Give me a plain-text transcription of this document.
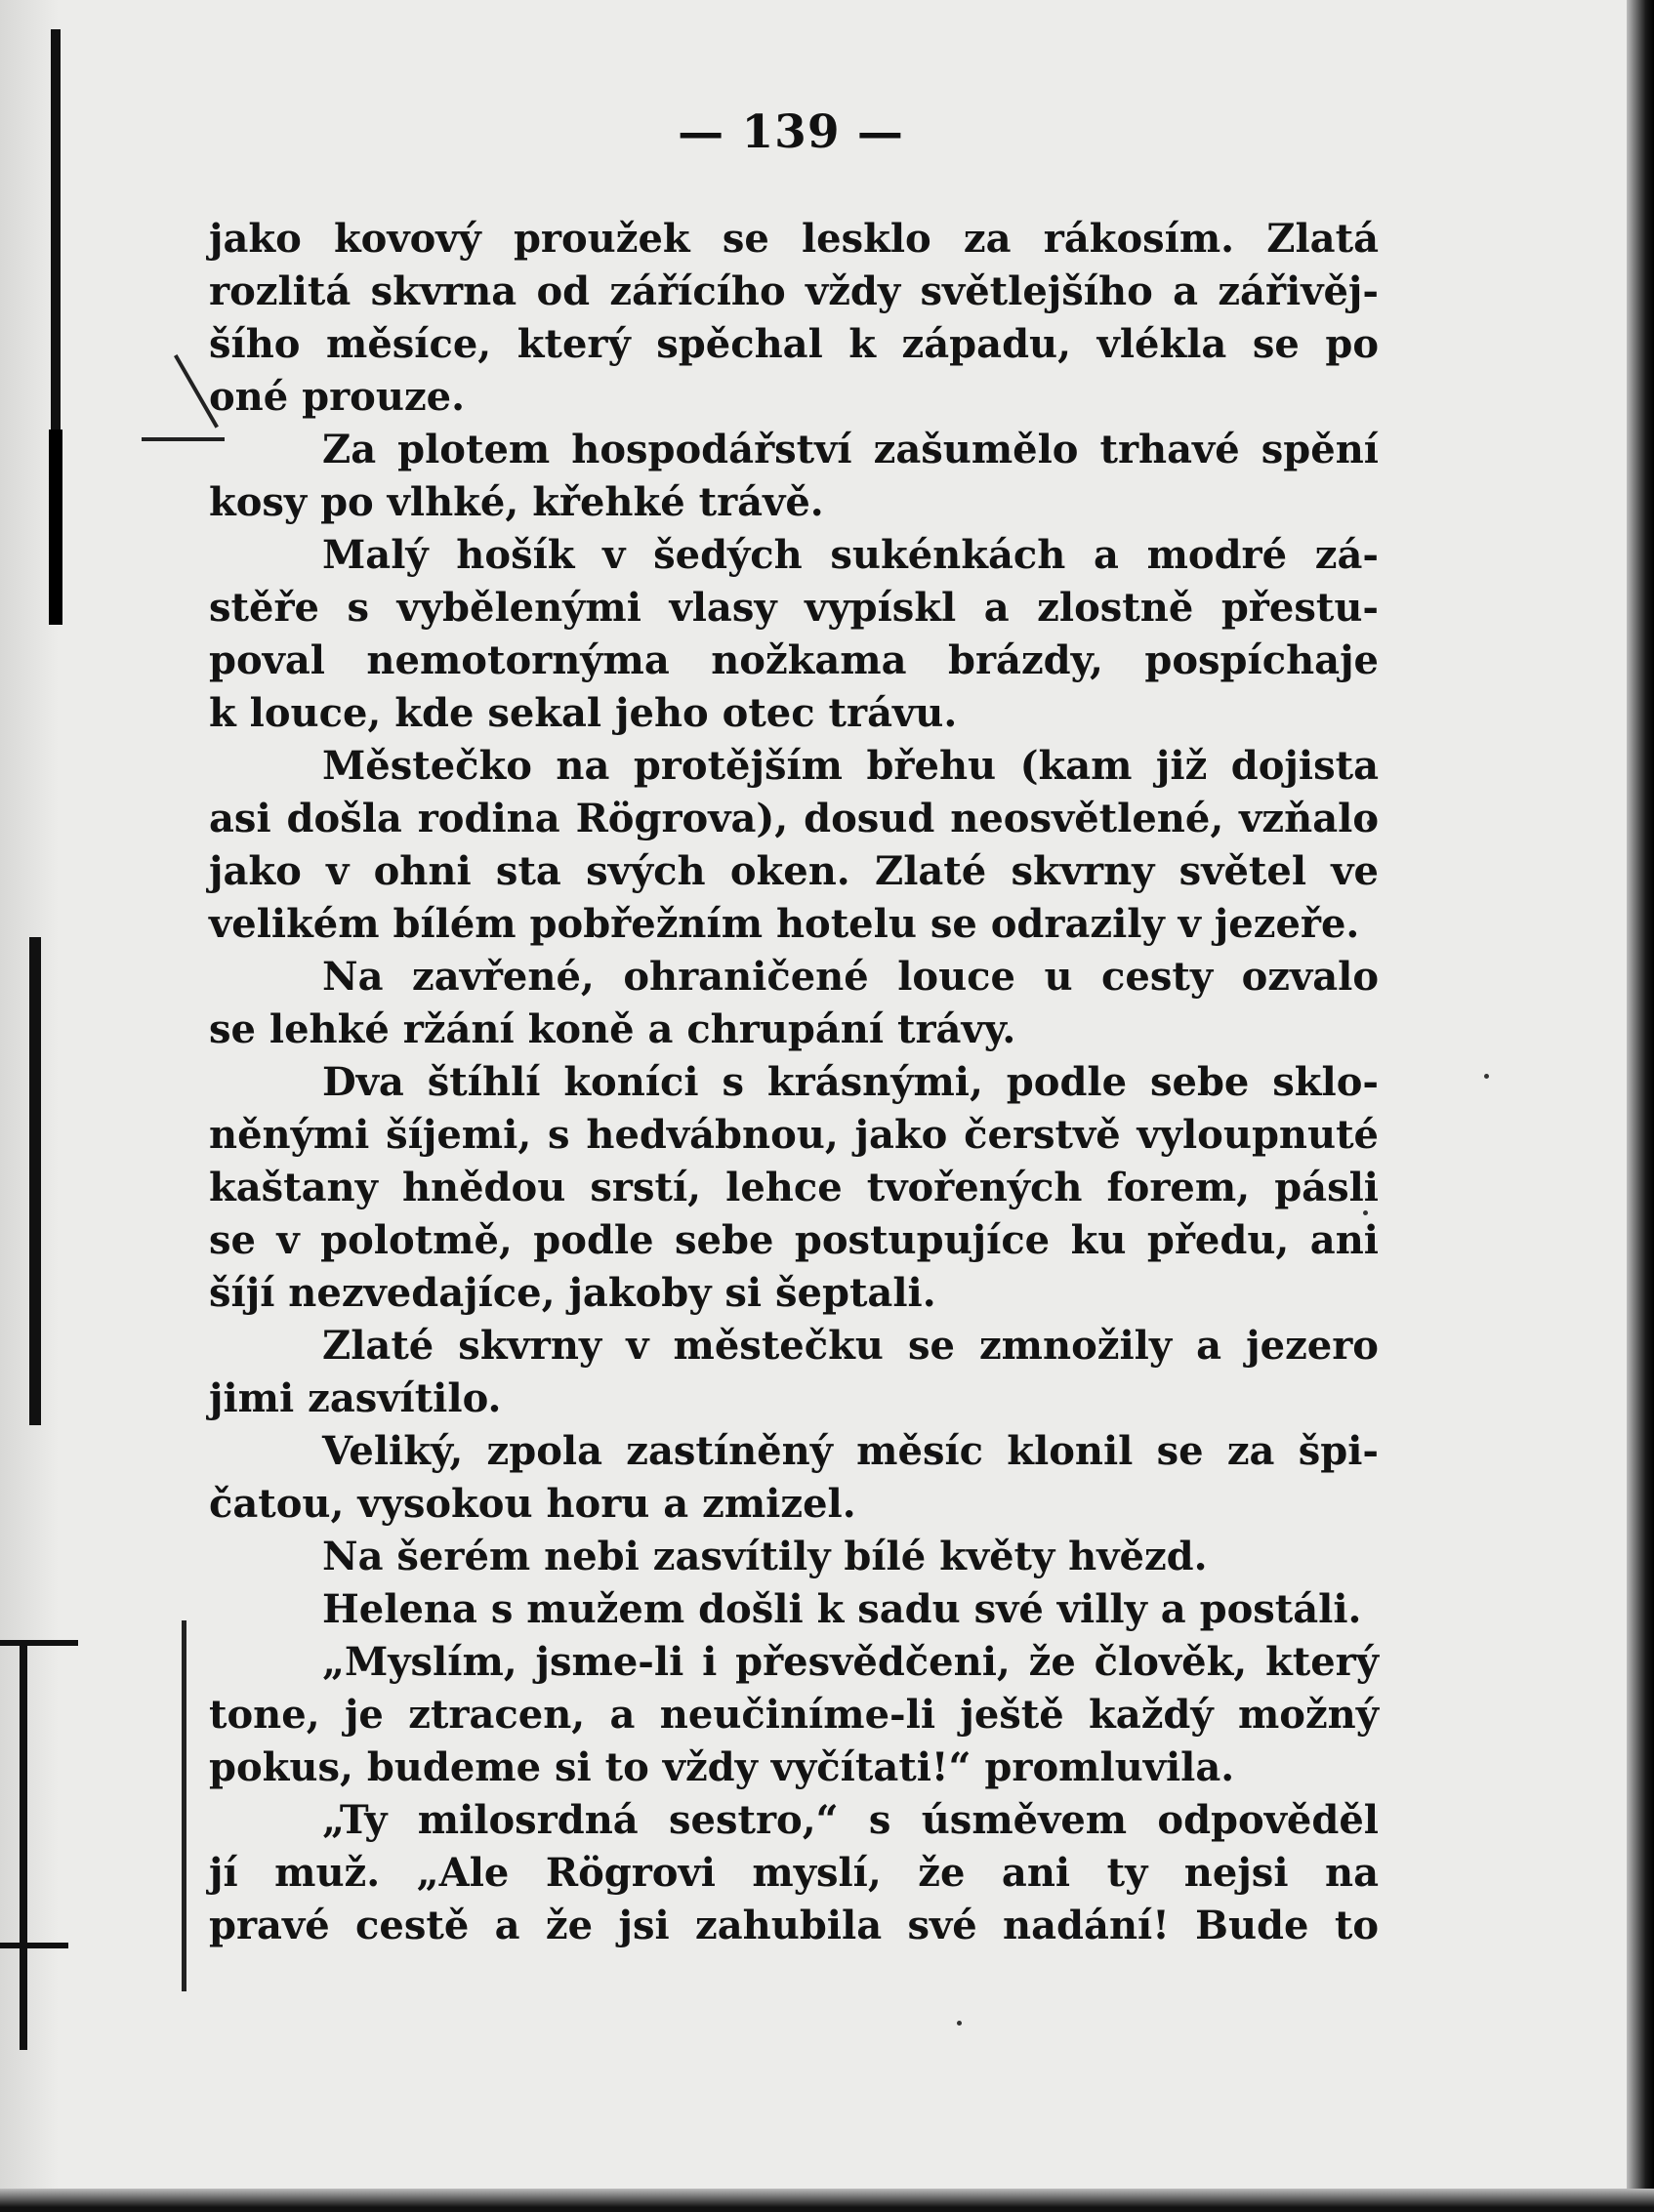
— 139 —
jako kovový proužek se lesklo za rákosím. Zlatá
rozlitá skvrna od zářícího vždy světlejšího a zářivěj-
šího měsíce, který spěchal k západu, vlékla se po
oné prouze.
Za plotem hospodářství zašumělo trhavé spění
kosy po vlhké, křehké trávě.
Malý hošík v šedých sukénkách a modré zá-
stěře s vybělenými vlasy vypískl a zlostně přestu-
poval nemotornýma nožkama brázdy, pospíchaje
k louce, kde sekal jeho otec trávu.
Městečko na protějším břehu (kam již dojista
asi došla rodina Rögrova), dosud neosvětlené, vzňalo
jako v ohni sta svých oken. Zlaté skvrny světel ve
velikém bílém pobřežním hotelu se odrazily v jezeře.
Na zavřené, ohraničené louce u cesty ozvalo
se lehké ržání koně a chrupání trávy.
Dva štíhlí koníci s krásnými, podle sebe sklo-
něnými šíjemi, s hedvábnou, jako čerstvě vyloupnuté
kaštany hnědou srstí, lehce tvořených forem, pásli
se v polotmě, podle sebe postupujíce ku předu, ani
šíjí nezvedajíce, jakoby si šeptali.
Zlaté skvrny v městečku se zmnožily a jezero
jimi zasvítilo.
Veliký, zpola zastíněný měsíc klonil se za špi-
čatou, vysokou horu a zmizel.
Na šerém nebi zasvítily bílé květy hvězd.
Helena s mužem došli k sadu své villy a postáli.
„Myslím, jsme-li i přesvědčeni, že člověk, který
tone, je ztracen, a neučiníme-li ještě každý možný
pokus, budeme si to vždy vyčítati!“ promluvila.
„Ty milosrdná sestro,“ s úsměvem odpověděl
jí muž. „Ale Rögrovi myslí, že ani ty nejsi na
pravé cestě a že jsi zahubila své nadání! Bude to
